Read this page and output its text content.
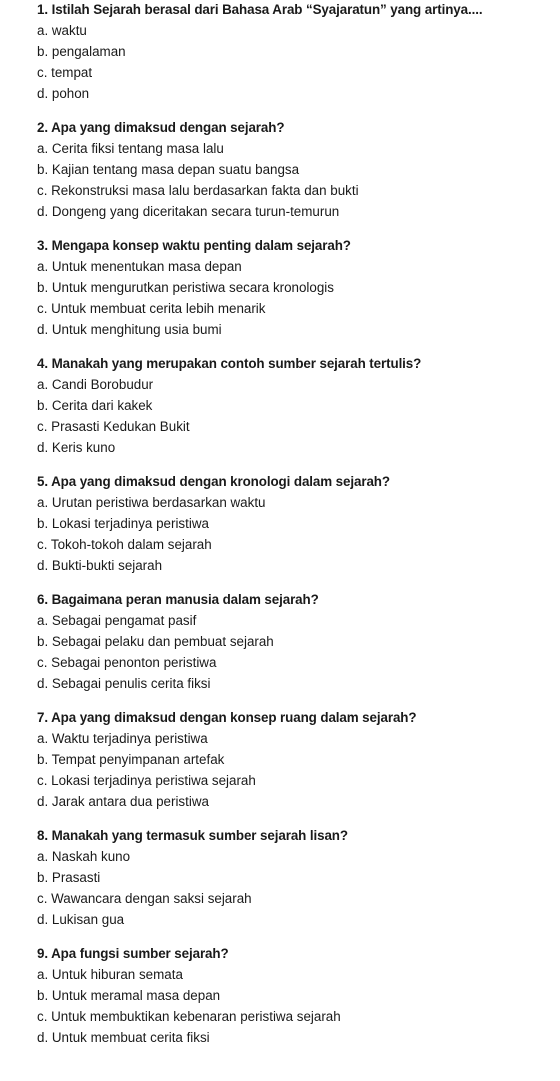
1. Istilah Sejarah berasal dari Bahasa Arab “Syajaratun” yang artinya....
a. waktu
b. pengalaman
c. tempat
d. pohon
2. Apa yang dimaksud dengan sejarah?
a. Cerita fiksi tentang masa lalu
b. Kajian tentang masa depan suatu bangsa
c. Rekonstruksi masa lalu berdasarkan fakta dan bukti
d. Dongeng yang diceritakan secara turun-temurun
3. Mengapa konsep waktu penting dalam sejarah?
a. Untuk menentukan masa depan
b. Untuk mengurutkan peristiwa secara kronologis
c. Untuk membuat cerita lebih menarik
d. Untuk menghitung usia bumi
4. Manakah yang merupakan contoh sumber sejarah tertulis?
a. Candi Borobudur
b. Cerita dari kakek
c. Prasasti Kedukan Bukit
d. Keris kuno
5. Apa yang dimaksud dengan kronologi dalam sejarah?
a. Urutan peristiwa berdasarkan waktu
b. Lokasi terjadinya peristiwa
c. Tokoh-tokoh dalam sejarah
d. Bukti-bukti sejarah
6. Bagaimana peran manusia dalam sejarah?
a. Sebagai pengamat pasif
b. Sebagai pelaku dan pembuat sejarah
c. Sebagai penonton peristiwa
d. Sebagai penulis cerita fiksi
7. Apa yang dimaksud dengan konsep ruang dalam sejarah?
a. Waktu terjadinya peristiwa
b. Tempat penyimpanan artefak
c. Lokasi terjadinya peristiwa sejarah
d. Jarak antara dua peristiwa
8. Manakah yang termasuk sumber sejarah lisan?
a. Naskah kuno
b. Prasasti
c. Wawancara dengan saksi sejarah
d. Lukisan gua
9. Apa fungsi sumber sejarah?
a. Untuk hiburan semata
b. Untuk meramal masa depan
c. Untuk membuktikan kebenaran peristiwa sejarah
d. Untuk membuat cerita fiksi
